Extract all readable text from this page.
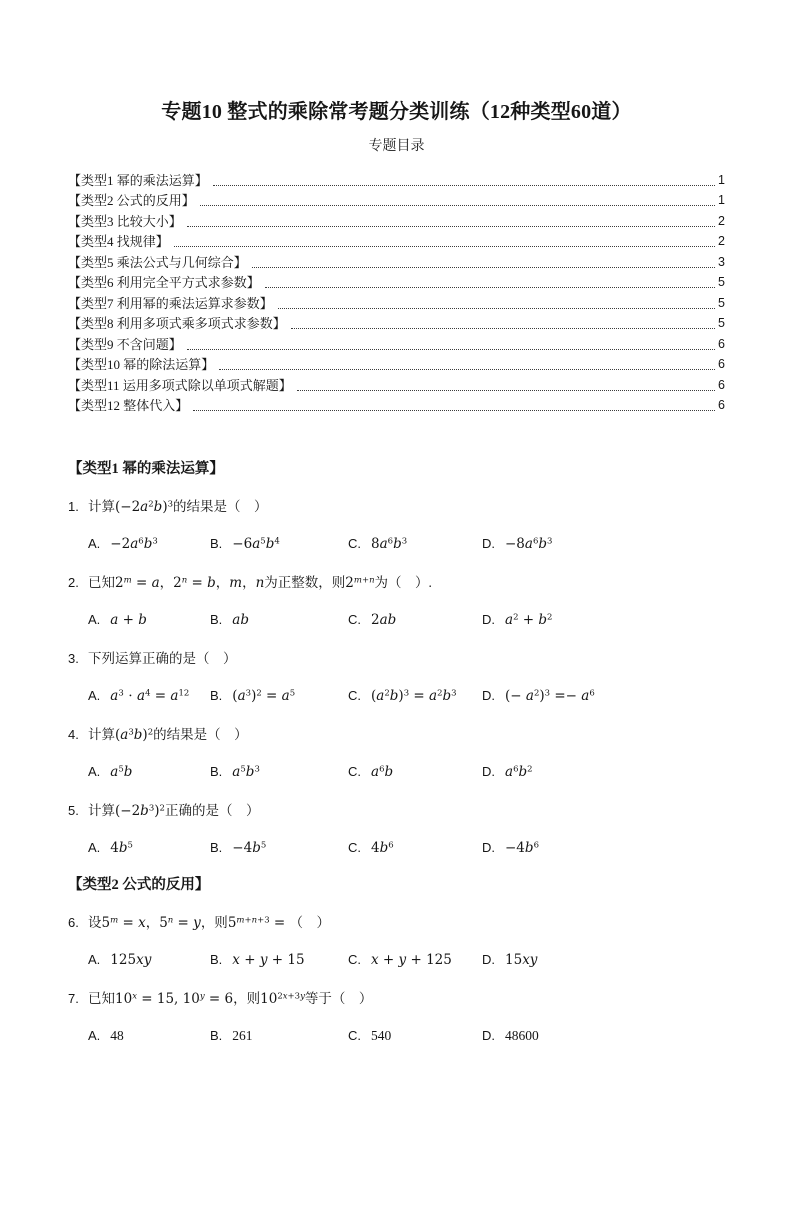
专题10 整式的乘除常考题分类训练（12种类型60道）
专题目录
【类型1 幂的乘法运算】	1
【类型2 公式的反用】	1
【类型3 比较大小】	2
【类型4 找规律】	2
【类型5 乘法公式与几何综合】	3
【类型6 利用完全平方式求参数】	5
【类型7 利用幂的乘法运算求参数】	5
【类型8 利用多项式乘多项式求参数】	5
【类型9 不含问题】	6
【类型10 幂的除法运算】	6
【类型11 运用多项式除以单项式解题】	6
【类型12 整体代入】	6
【类型1 幂的乘法运算】
1. 计算$(-2a^2b)^3$的结果是（　）
A. $-2a^6b^3$	B. $-6a^5b^4$	C. $8a^6b^3$	D. $-8a^6b^3$
2. 已知$2^m = a$，$2^n = b$，m，n为正整数，则$2^{m+n}$为（　）.
A. a + b	B. ab	C. 2ab	D. $a^2 + b^2$
3. 下列运算正确的是（　）
A. $a^3 \cdot a^4 = a^{12}$	B. $(a^3)^2 = a^5$	C. $(a^2b)^3 = a^2b^3$	D. (− $a^2)^3 =- a^6$
4. 计算$(a^3b)^2$的结果是（　）
A. $a^5b$	B. $a^5b^3$	C. $a^6b$	D. $a^6b^2$
5. 计算$(-2b^3)^2$正确的是（　）
A. $4b^5$	B. $-4b^5$	C. $4b^6$	D. $-4b^6$
【类型2 公式的反用】
6. 设$5^m = x$，$5^n = y$，则$5^{m+n+3}$ = （　）
A. 125xy	B. x + y + 15	C. x + y + 125	D. 15xy
7. 已知$10^x = 15$, $10^y = 6$，则$10^{2x+3y}$等于（　）
A. 48	B. 261	C. 540	D. 48600
